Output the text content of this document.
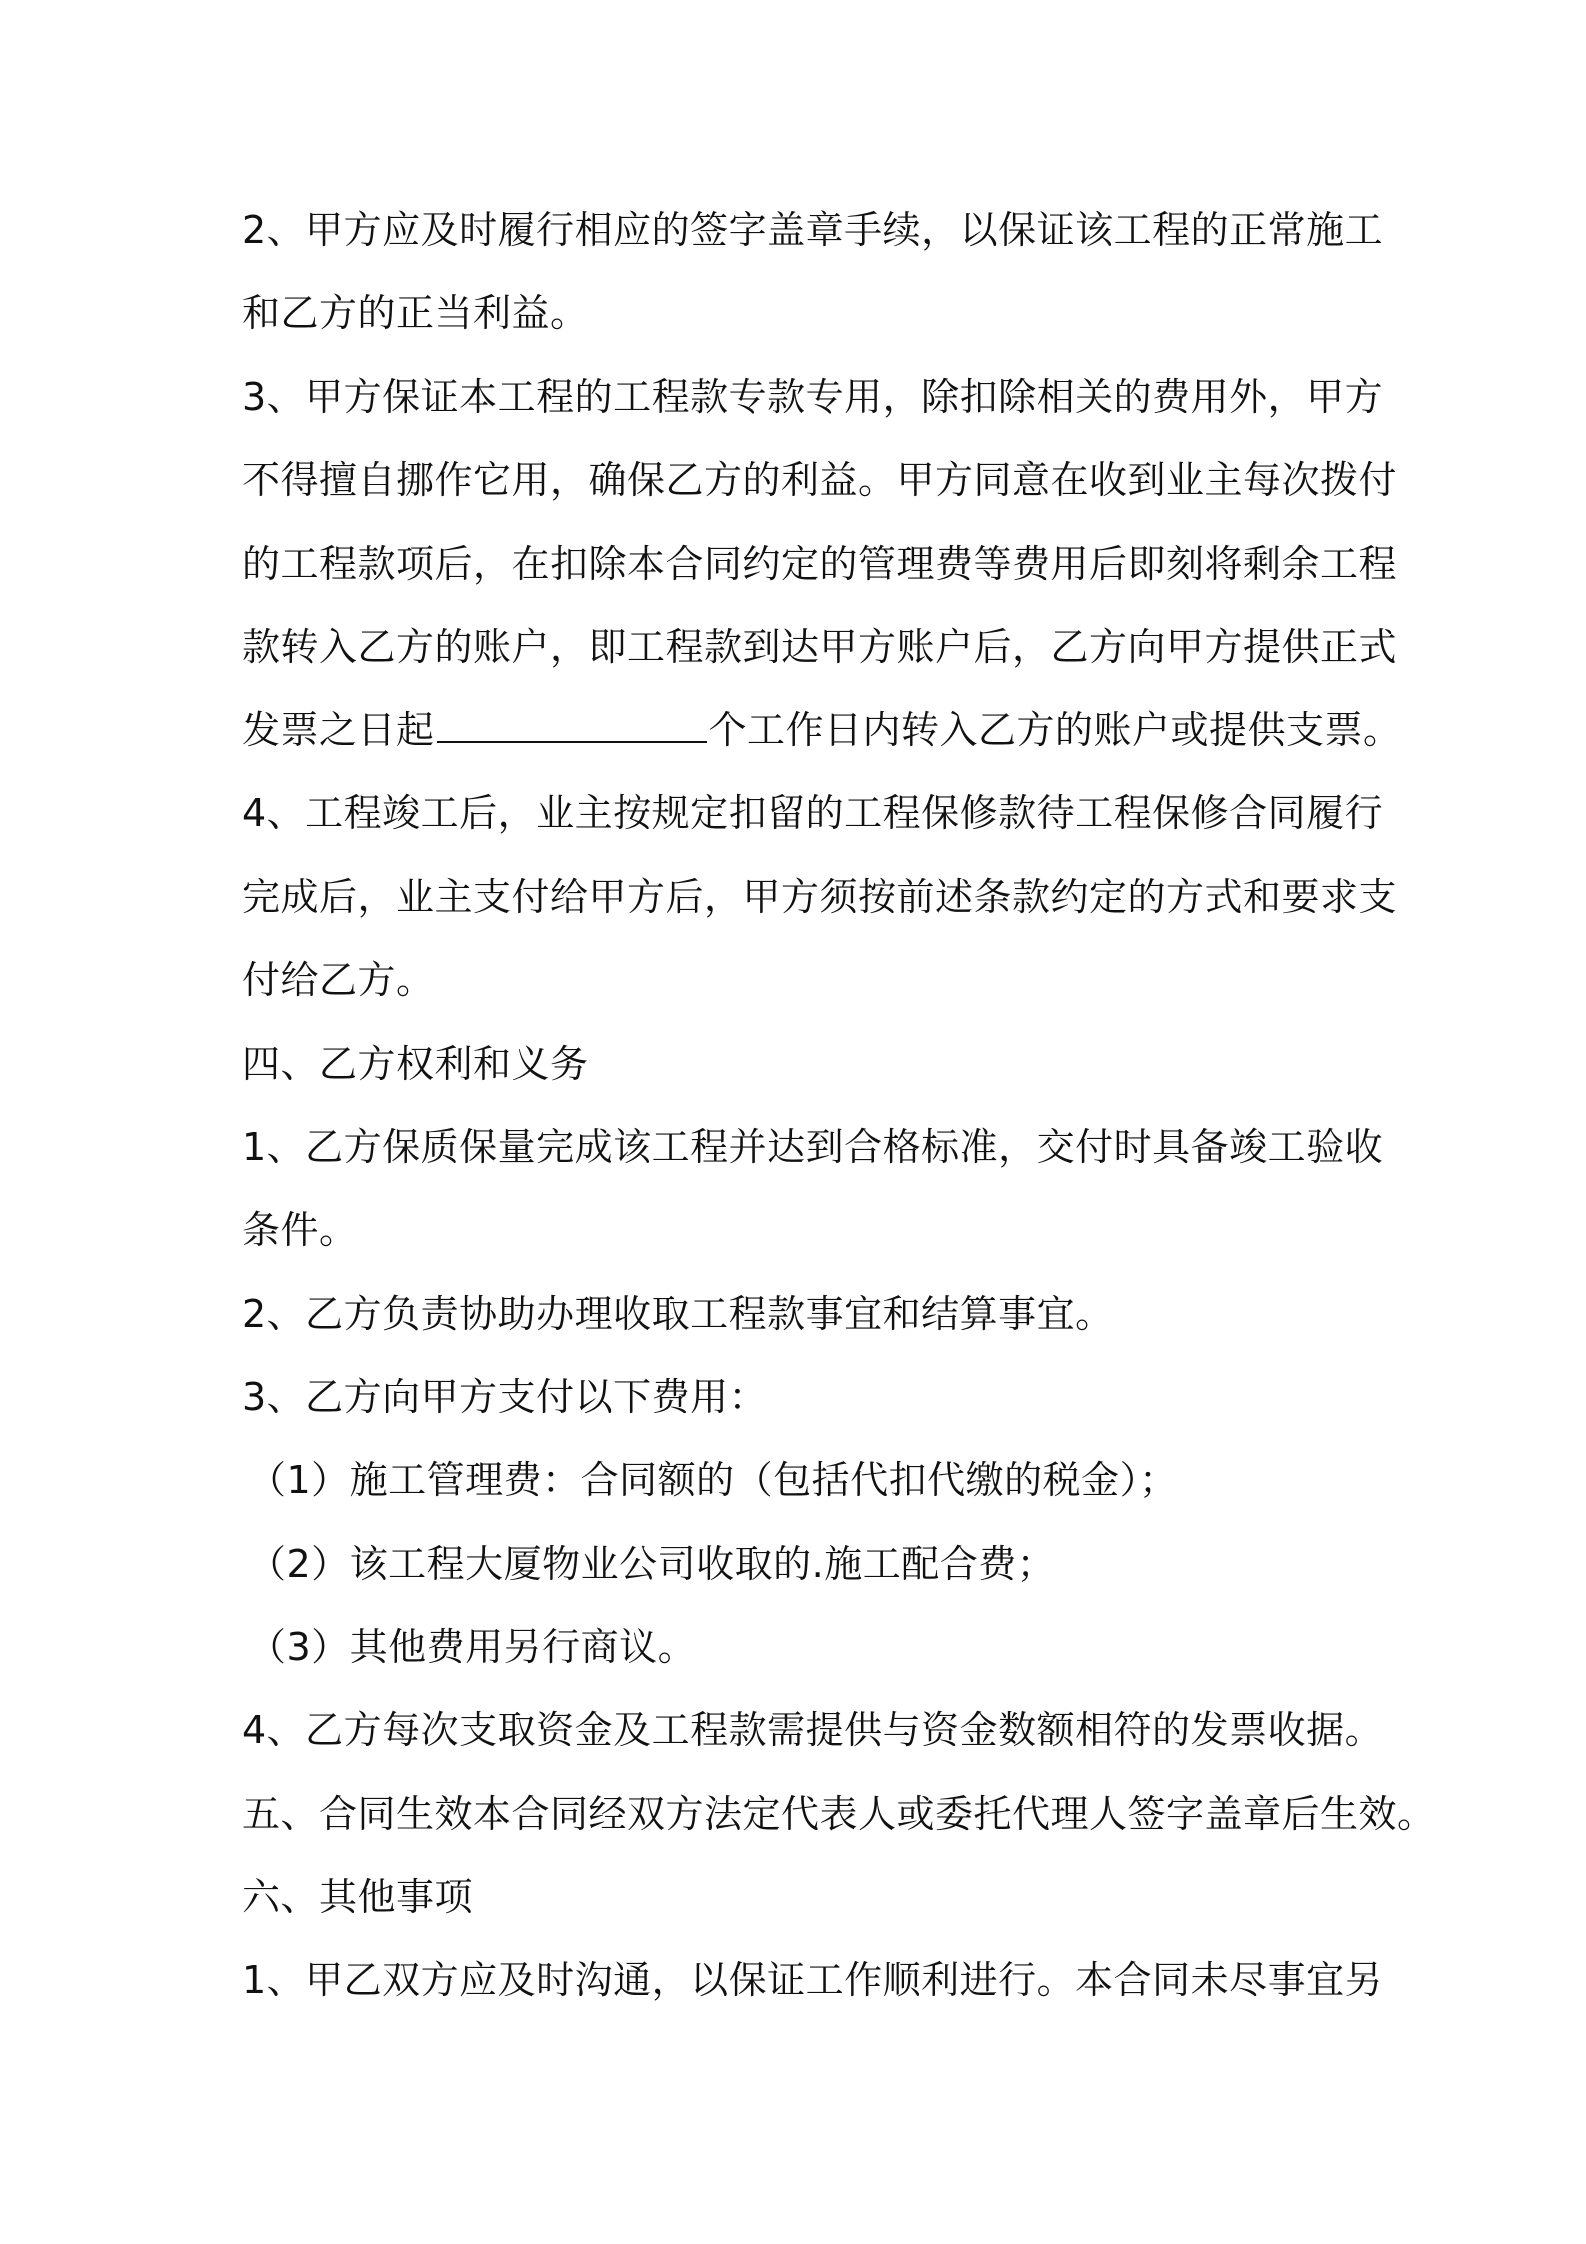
2、甲方应及时履行相应的签字盖章手续，以保证该工程的正常施工

和乙方的正当利益。

3、甲方保证本工程的工程款专款专用，除扣除相关的费用外，甲方

不得擅自挪作它用，确保乙方的利益。甲方同意在收到业主每次拨付

的工程款项后，在扣除本合同约定的管理费等费用后即刻将剩余工程

款转入乙方的账户，即工程款到达甲方账户后，乙方向甲方提供正式

发票之日起	个工作日内转入乙方的账户或提供支票。

4、工程竣工后，业主按规定扣留的工程保修款待工程保修合同履行

完成后，业主支付给甲方后，甲方须按前述条款约定的方式和要求支

付给乙方。

四、乙方权利和义务

1、乙方保质保量完成该工程并达到合格标准，交付时具备竣工验收

条件。

2、乙方负责协助办理收取工程款事宜和结算事宜。

3、乙方向甲方支付以下费用：

（1）施工管理费：合同额的（包括代扣代缴的税金）；

（2）该工程大厦物业公司收取的.施工配合费；

（3）其他费用另行商议。

4、乙方每次支取资金及工程款需提供与资金数额相符的发票收据。

五、合同生效本合同经双方法定代表人或委托代理人签字盖章后生效。

六、其他事项

1、甲乙双方应及时沟通，以保证工作顺利进行。本合同未尽事宜另
